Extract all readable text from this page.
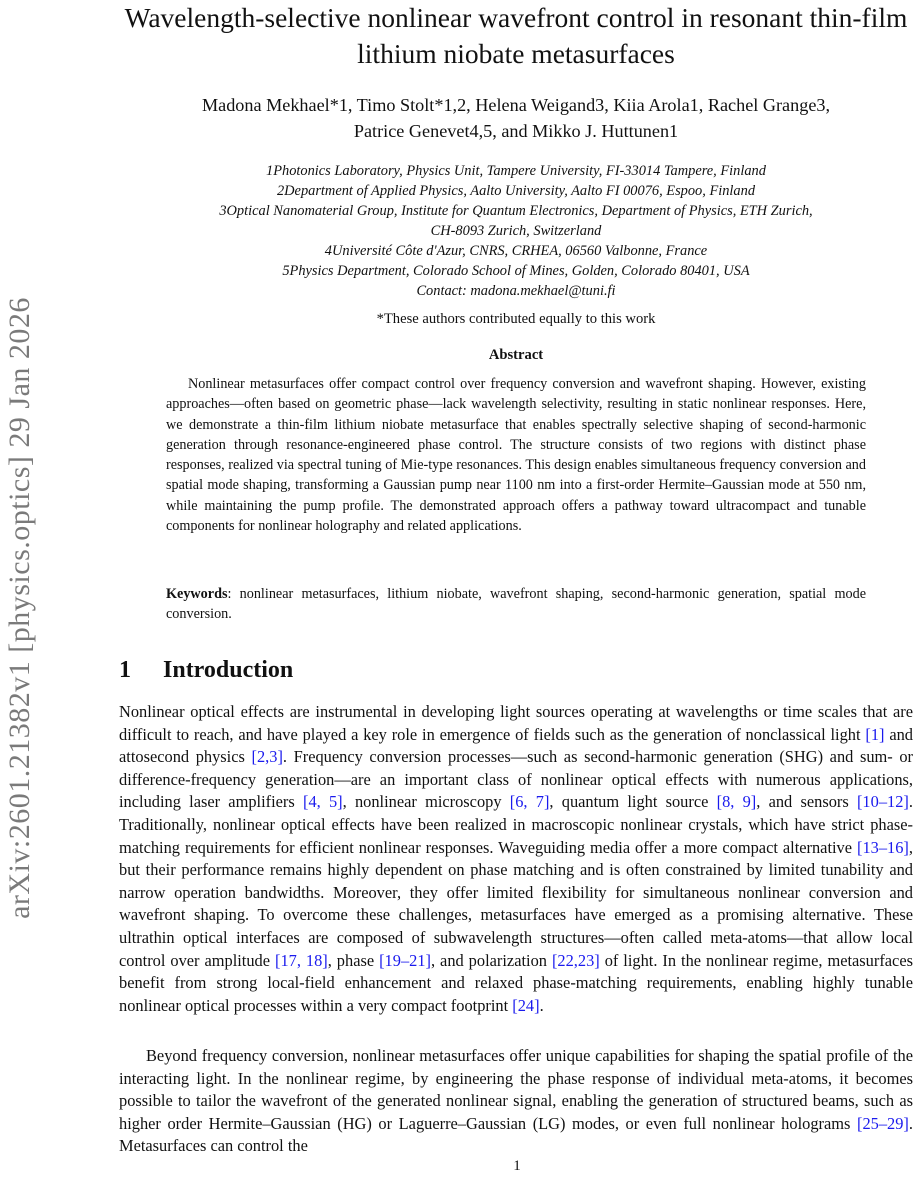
arXiv:2601.21382v1 [physics.optics] 29 Jan 2026
Wavelength-selective nonlinear wavefront control in resonant thin-film lithium niobate metasurfaces
Madona Mekhael*1, Timo Stolt*1,2, Helena Weigand3, Kiia Arola1, Rachel Grange3,
Patrice Genevet4,5, and Mikko J. Huttunen1
1Photonics Laboratory, Physics Unit, Tampere University, FI-33014 Tampere, Finland
2Department of Applied Physics, Aalto University, Aalto FI 00076, Espoo, Finland
3Optical Nanomaterial Group, Institute for Quantum Electronics, Department of Physics, ETH Zurich,
CH-8093 Zurich, Switzerland
4Université Côte d'Azur, CNRS, CRHEA, 06560 Valbonne, France
5Physics Department, Colorado School of Mines, Golden, Colorado 80401, USA
Contact: madona.mekhael@tuni.fi
*These authors contributed equally to this work
Abstract

Nonlinear metasurfaces offer compact control over frequency conversion and wavefront shaping. However, existing approaches—often based on geometric phase—lack wavelength selectivity, resulting in static nonlinear responses. Here, we demonstrate a thin-film lithium niobate metasurface that enables spectrally selective shaping of second-harmonic generation through resonance-engineered phase control. The structure consists of two regions with distinct phase responses, realized via spectral tuning of Mie-type resonances. This design enables simultaneous frequency conversion and spatial mode shaping, transforming a Gaussian pump near 1100 nm into a first-order Hermite–Gaussian mode at 550 nm, while maintaining the pump profile. The demonstrated approach offers a pathway toward ultracompact and tunable components for nonlinear holography and related applications.

Keywords: nonlinear metasurfaces, lithium niobate, wavefront shaping, second-harmonic generation, spatial mode conversion.

1 Introduction

Nonlinear optical effects are instrumental in developing light sources operating at wavelengths or time scales that are difficult to reach, and have played a key role in emergence of fields such as the generation of nonclassical light [1] and attosecond physics [2,3]. Frequency conversion processes—such as second-harmonic generation (SHG) and sum- or difference-frequency generation—are an important class of nonlinear optical effects with numerous applications, including laser amplifiers [4, 5], nonlinear microscopy [6, 7], quantum light source [8, 9], and sensors [10–12]. Traditionally, nonlinear optical effects have been realized in macroscopic nonlinear crystals, which have strict phase-matching requirements for efficient nonlinear responses. Waveguiding media offer a more compact alternative [13–16], but their performance remains highly dependent on phase matching and is often constrained by limited tunability and narrow operation bandwidths. Moreover, they offer limited flexibility for simultaneous nonlinear conversion and wavefront shaping. To overcome these challenges, metasurfaces have emerged as a promising alternative. These ultrathin optical interfaces are composed of subwavelength structures—often called meta-atoms—that allow local control over amplitude [17, 18], phase [19–21], and polarization [22,23] of light. In the nonlinear regime, metasurfaces benefit from strong local-field enhancement and relaxed phase-matching requirements, enabling highly tunable nonlinear optical processes within a very compact footprint [24].

Beyond frequency conversion, nonlinear metasurfaces offer unique capabilities for shaping the spatial profile of the interacting light. In the nonlinear regime, by engineering the phase response of individual meta-atoms, it becomes possible to tailor the wavefront of the generated nonlinear signal, enabling the generation of structured beams, such as higher order Hermite–Gaussian (HG) or Laguerre–Gaussian (LG) modes, or even full nonlinear holograms [25–29]. Metasurfaces can control the

1
